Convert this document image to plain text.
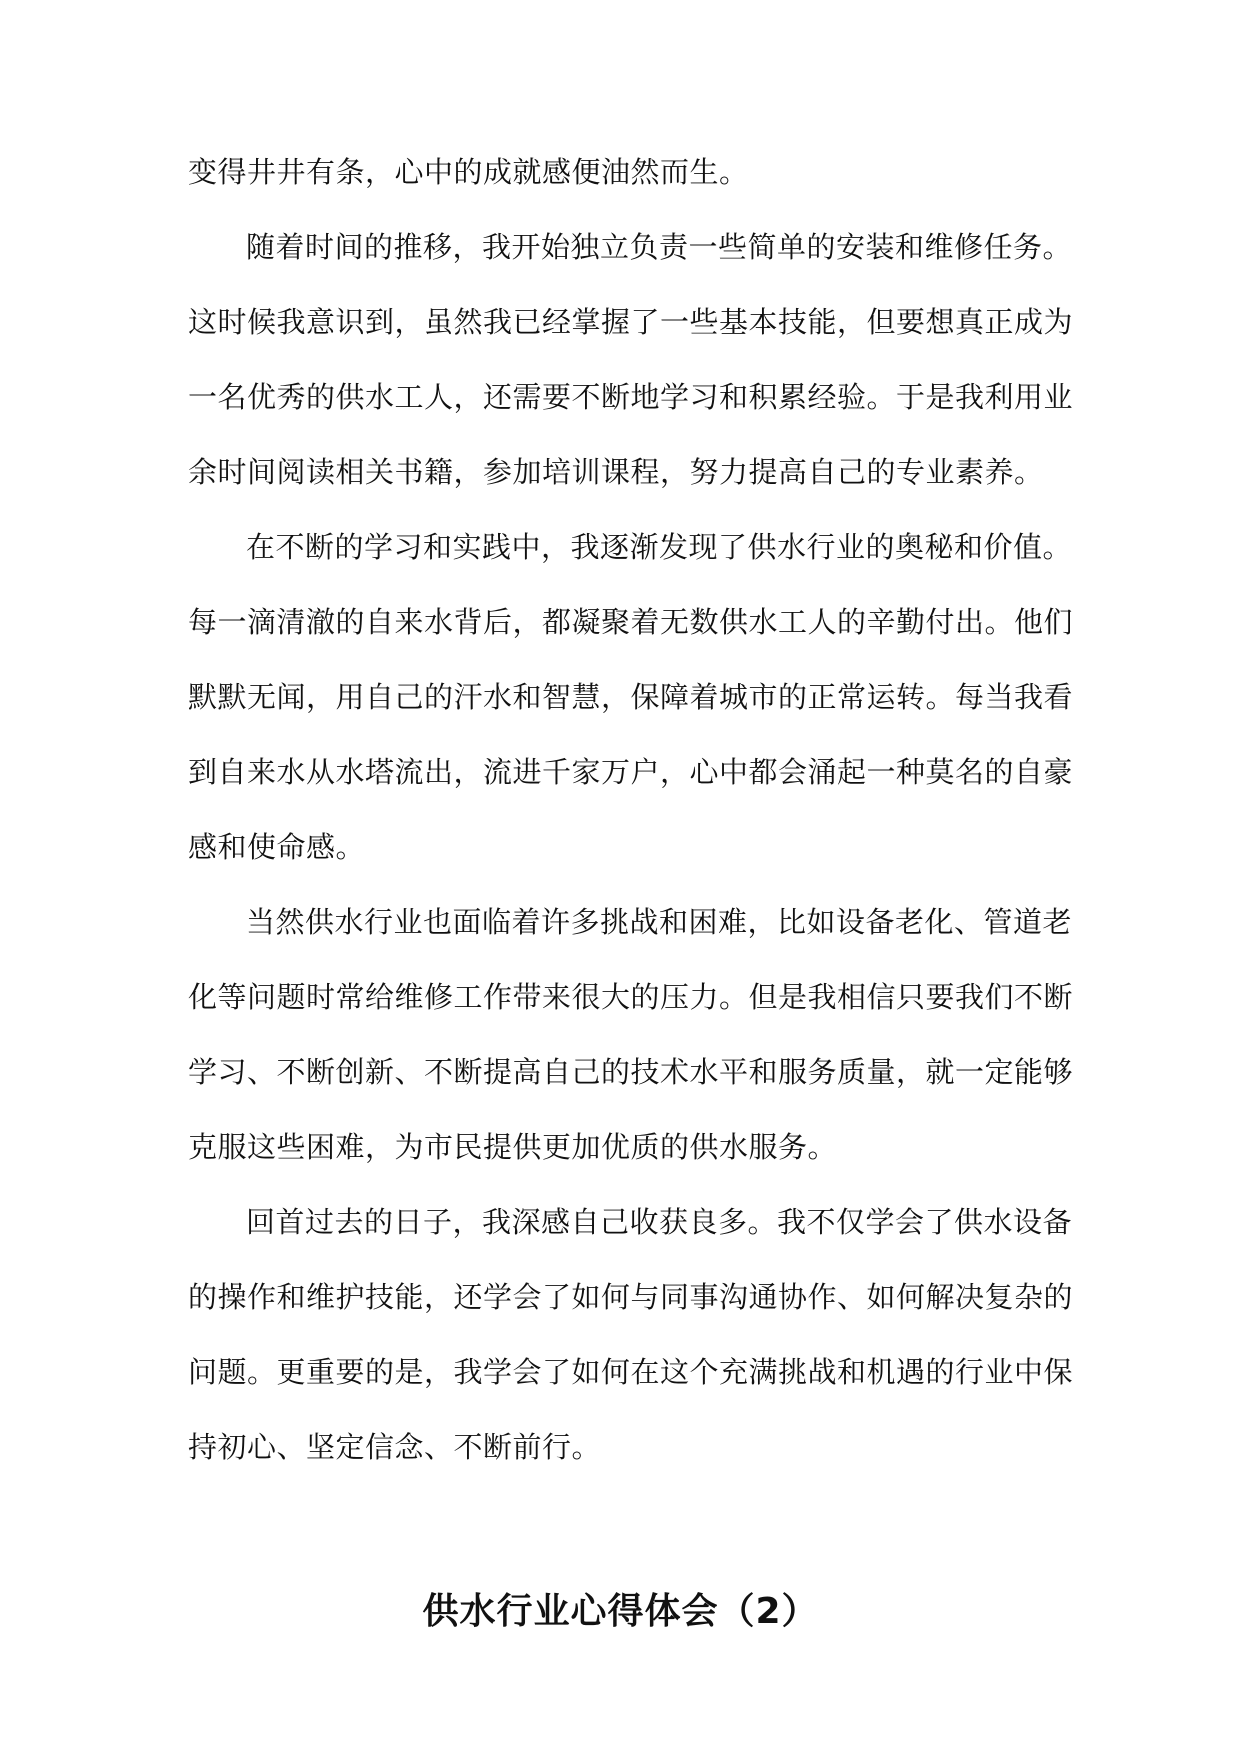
变得井井有条，心中的成就感便油然而生。
随着时间的推移，我开始独立负责一些简单的安装和维修任务。
这时候我意识到，虽然我已经掌握了一些基本技能，但要想真正成为
一名优秀的供水工人，还需要不断地学习和积累经验。于是我利用业
余时间阅读相关书籍，参加培训课程，努力提高自己的专业素养。
在不断的学习和实践中，我逐渐发现了供水行业的奥秘和价值。
每一滴清澈的自来水背后，都凝聚着无数供水工人的辛勤付出。他们
默默无闻，用自己的汗水和智慧，保障着城市的正常运转。每当我看
到自来水从水塔流出，流进千家万户，心中都会涌起一种莫名的自豪
感和使命感。
当然供水行业也面临着许多挑战和困难，比如设备老化、管道老
化等问题时常给维修工作带来很大的压力。但是我相信只要我们不断
学习、不断创新、不断提高自己的技术水平和服务质量，就一定能够
克服这些困难，为市民提供更加优质的供水服务。
回首过去的日子，我深感自己收获良多。我不仅学会了供水设备
的操作和维护技能，还学会了如何与同事沟通协作、如何解决复杂的
问题。更重要的是，我学会了如何在这个充满挑战和机遇的行业中保
持初心、坚定信念、不断前行。
供水行业心得体会（2）
